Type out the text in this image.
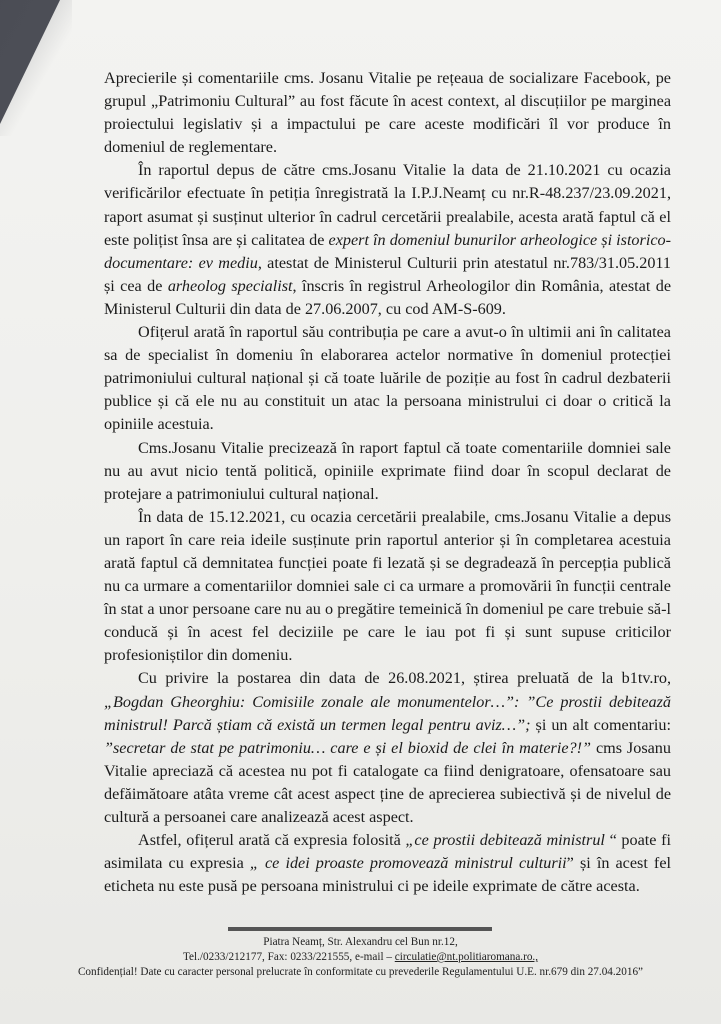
Aprecierile și comentariile cms. Josanu Vitalie pe rețeaua de socializare Facebook, pe grupul „Patrimoniu Cultural” au fost făcute în acest context, al discuțiilor pe marginea proiectului legislativ și a impactului pe care aceste modificări îl vor produce în domeniul de reglementare.

În raportul depus de către cms.Josanu Vitalie la data de 21.10.2021 cu ocazia verificărilor efectuate în petiția înregistrată la I.P.J.Neamț cu nr.R-48.237/23.09.2021, raport asumat și susținut ulterior în cadrul cercetării prealabile, acesta arată faptul că el este polițist însa are și calitatea de expert în domeniul bunurilor arheologice și istorico-documentare: ev mediu, atestat de Ministerul Culturii prin atestatul nr.783/31.05.2011 și cea de arheolog specialist, înscris în registrul Arheologilor din România, atestat de Ministerul Culturii din data de 27.06.2007, cu cod AM-S-609.

Ofițerul arată în raportul său contribuția pe care a avut-o în ultimii ani în calitatea sa de specialist în domeniu în elaborarea actelor normative în domeniul protecției patrimoniului cultural național și că toate luările de poziție au fost în cadrul dezbaterii publice și că ele nu au constituit un atac la persoana ministrului ci doar o critică la opiniile acestuia.

Cms.Josanu Vitalie precizează în raport faptul că toate comentariile domniei sale nu au avut nicio tentă politică, opiniile exprimate fiind doar în scopul declarat de protejare a patrimoniului cultural național.

În data de 15.12.2021, cu ocazia cercetării prealabile, cms.Josanu Vitalie a depus un raport în care reia ideile susținute prin raportul anterior și în completarea acestuia arată faptul că demnitatea funcției poate fi lezată și se degradează în percepția publică nu ca urmare a comentariilor domniei sale ci ca urmare a promovării în funcții centrale în stat a unor persoane care nu au o pregătire temeinică în domeniul pe care trebuie să-l conducă și în acest fel deciziile pe care le iau pot fi și sunt supuse criticilor profesioniștilor din domeniu.

Cu privire la postarea din data de 26.08.2021, știrea preluată de la b1tv.ro, „Bogdan Gheorghiu: Comisiile zonale ale monumentelor…”: ”Ce prostii debitează ministrul! Parcă știam că există un termen legal pentru aviz…”; și un alt comentariu: ”secretar de stat pe patrimoniu… care e și el bioxid de clei în materie?!” cms Josanu Vitalie apreciază că acestea nu pot fi catalogate ca fiind denigratoare, ofensatoare sau defăimătoare atâta vreme cât acest aspect ține de aprecierea subiectivă și de nivelul de cultură a persoanei care analizează acest aspect.

Astfel, ofițerul arată că expresia folosită „ce prostii debitează ministrul “ poate fi asimilata cu expresia „ ce idei proaste promovează ministrul culturii” și în acest fel eticheta nu este pusă pe persoana ministrului ci pe ideile exprimate de către acesta.

Piatra Neamț, Str. Alexandru cel Bun nr.12,
Tel./0233/212177, Fax: 0233/221555, e-mail – circulatie@nt.politiaromana.ro.,
Confidențial! Date cu caracter personal prelucrate în conformitate cu prevederile Regulamentului U.E. nr.679 din 27.04.2016”
